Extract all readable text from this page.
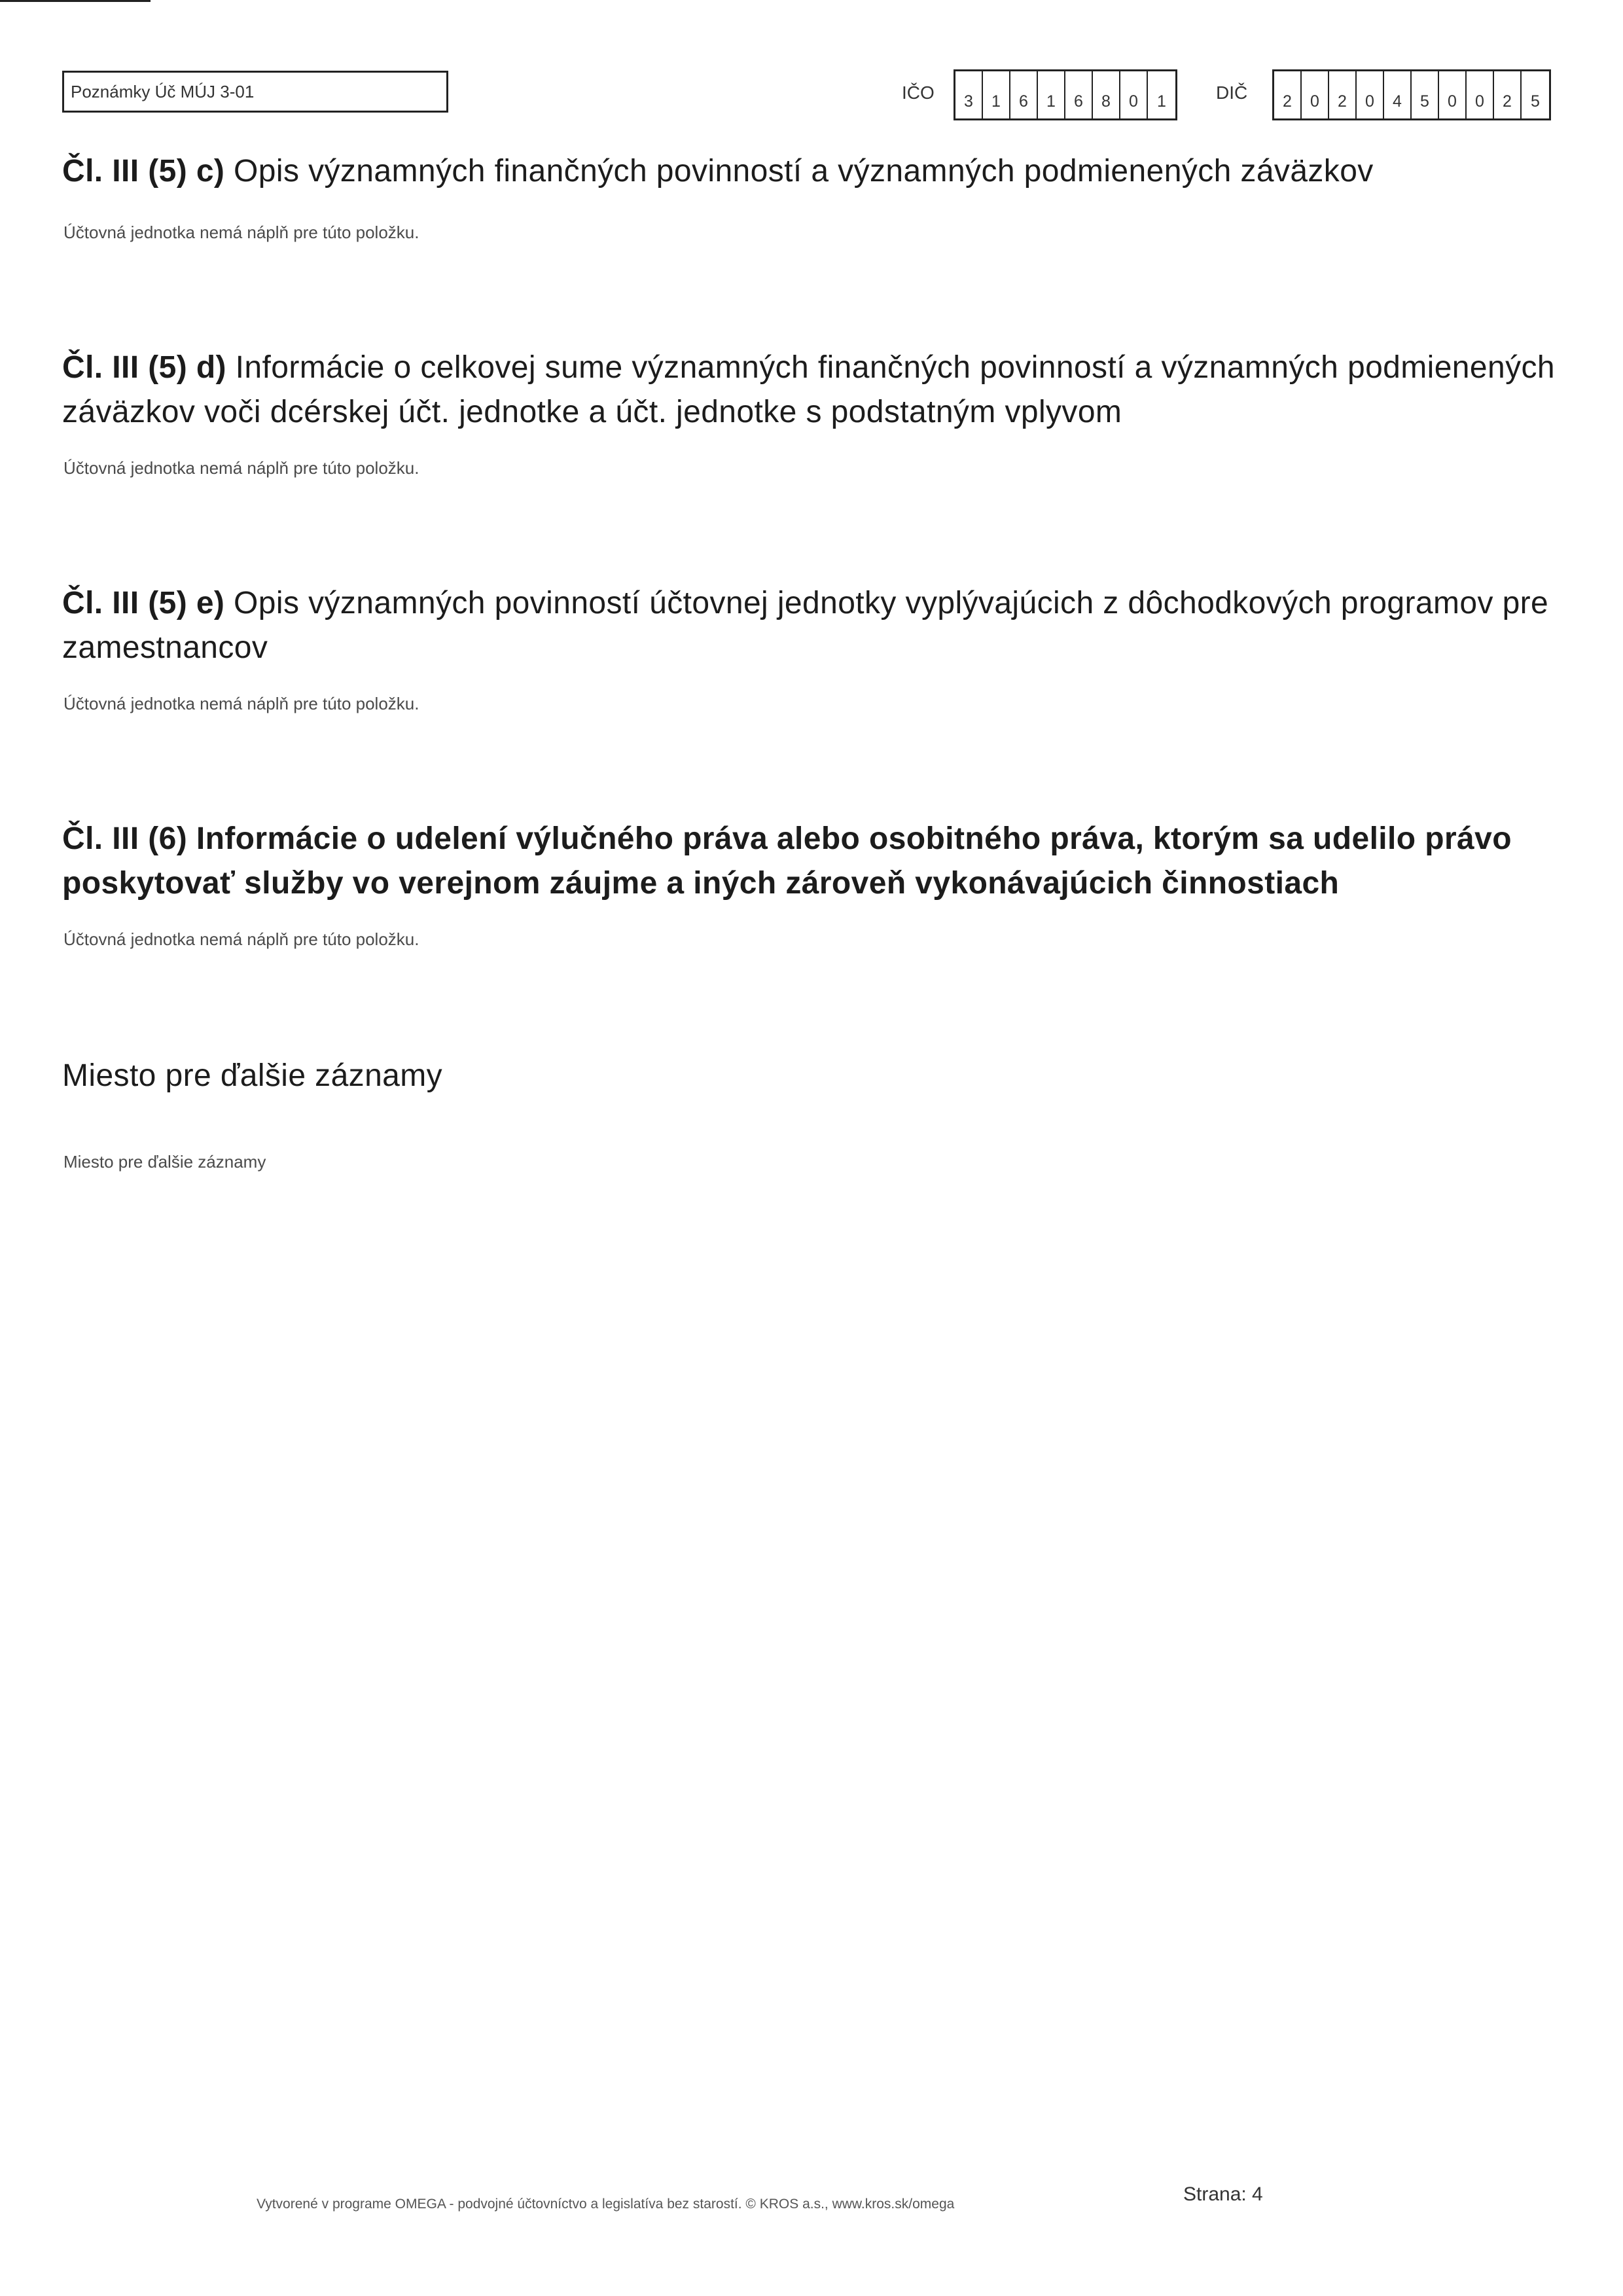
Poznámky Úč MÚJ 3-01	IČO	3	1	6	1	6	8	0	1	DIČ	2	0	2	0	4	5	0	0	2	5
Čl. III (5) c) Opis významných finančných povinností a významných podmienených záväzkov

Účtovná jednotka nemá náplň pre túto položku.

Čl. III (5) d) Informácie o celkovej sume významných finančných povinností a významných podmienených záväzkov voči dcérskej účt. jednotke a účt. jednotke s podstatným vplyvom

Účtovná jednotka nemá náplň pre túto položku.

Čl. III (5) e) Opis významných povinností účtovnej jednotky vyplývajúcich z dôchodkových programov pre zamestnancov

Účtovná jednotka nemá náplň pre túto položku.

Čl. III (6) Informácie o udelení výlučného práva alebo osobitného práva, ktorým sa udelilo právo poskytovať služby vo verejnom záujme a iných zároveň vykonávajúcich činnostiach

Účtovná jednotka nemá náplň pre túto položku.

Miesto pre ďalšie záznamy

Miesto pre ďalšie záznamy

Vytvorené v programe OMEGA - podvojné účtovníctvo a legislatíva bez starostí. © KROS a.s., www.kros.sk/omega	Strana: 4
